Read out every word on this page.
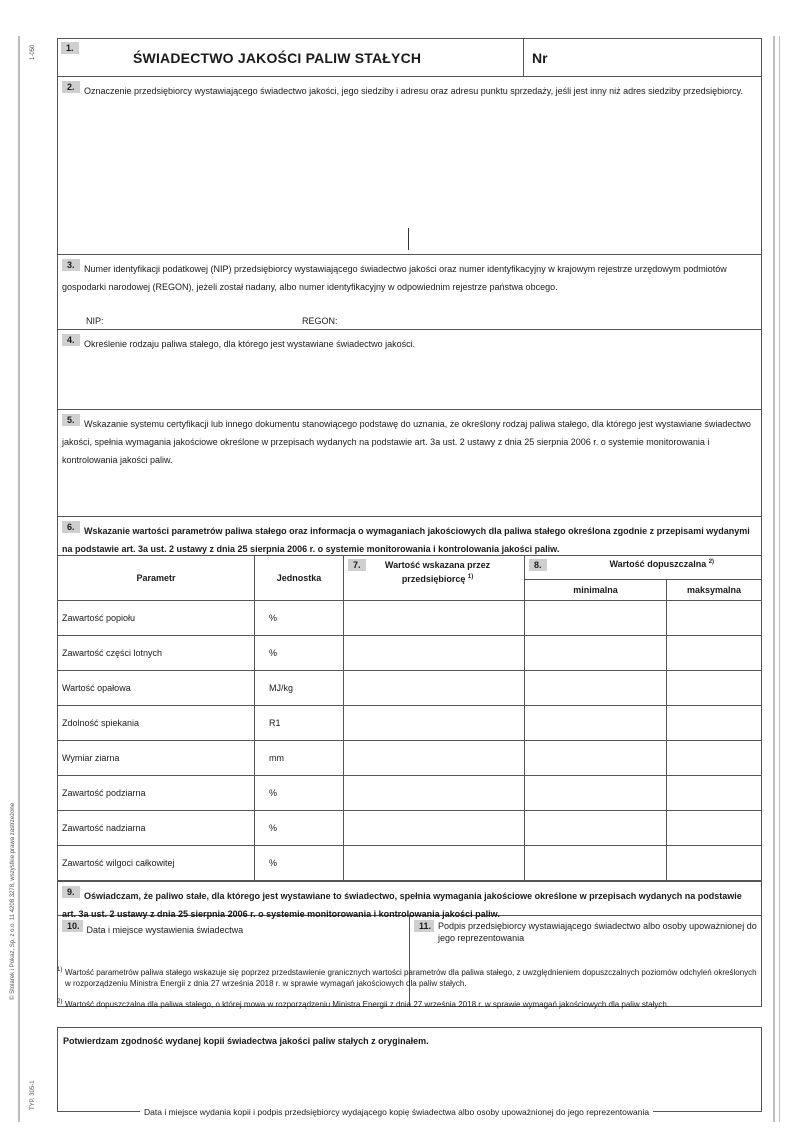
1-050
© Stolarek i Pokaz, Sp. z o.o. 11 4208 3278, wszystkie prawa zastrzeżone
TYP. 305-1
1.
ŚWIADECTWO JAKOŚCI PALIW STAŁYCH	Nr
2. Oznaczenie przedsiębiorcy wystawiającego świadectwo jakości, jego siedziby i adresu oraz adresu punktu sprzedaży, jeśli jest inny niż adres siedziby przedsiębiorcy.
3. Numer identyfikacji podatkowej (NIP) przedsiębiorcy wystawiającego świadectwo jakości oraz numer identyfikacyjny w krajowym rejestrze urzędowym podmiotów gospodarki narodowej (REGON), jeżeli został nadany, albo numer identyfikacyjny w odpowiednim rejestrze państwa obcego.
NIP:	REGON:
4. Określenie rodzaju paliwa stałego, dla którego jest wystawiane świadectwo jakości.
5. Wskazanie systemu certyfikacji lub innego dokumentu stanowiącego podstawę do uznania, że określony rodzaj paliwa stałego, dla którego jest wystawiane świadectwo jakości, spełnia wymagania jakościowe określone w przepisach wydanych na podstawie art. 3a ust. 2 ustawy z dnia 25 sierpnia 2006 r. o systemie monitorowania i kontrolowania jakości paliw.
6. Wskazanie wartości parametrów paliwa stałego oraz informacja o wymaganiach jakościowych dla paliwa stałego określona zgodnie z przepisami wydanymi na podstawie art. 3a ust. 2 ustawy z dnia 25 sierpnia 2006 r. o systemie monitorowania i kontrolowania jakości paliw.
Parametr	Jednostka	7. Wartość wskazana przez przedsiębiorcę $^{1)}$	8. Wartość dopuszczalna $^{2)}$
			minimalna	maksymalna
Zawartość popiołu	%			
Zawartość części lotnych	%			
Wartość opałowa	MJ/kg			
Zdolność spiekania	R1			
Wymiar ziarna	mm			
Zawartość podziarna	%			
Zawartość nadziarna	%			
Zawartość wilgoci całkowitej	%			
9. Oświadczam, że paliwo stałe, dla którego jest wystawiane to świadectwo, spełnia wymagania jakościowe określone w przepisach wydanych na podstawie art. 3a ust. 2 ustawy z dnia 25 sierpnia 2006 r. o systemie monitorowania i kontrolowania jakości paliw.
10. Data i miejsce wystawienia świadectwa	11. Podpis przedsiębiorcy wystawiającego świadectwo albo osoby upoważnionej do jego reprezentowania
1) Wartość parametrów paliwa stałego wskazuje się poprzez przedstawienie granicznych wartości parametrów dla paliwa stałego, z uwzględnieniem dopuszczalnych poziomów odchyleń określonych w rozporządzeniu Ministra Energii z dnia 27 września 2018 r. w sprawie wymagań jakościowych dla paliw stałych.
2) Wartość dopuszczalna dla paliwa stałego, o której mowa w rozporządzeniu Ministra Energii z dnia 27 września 2018 r. w sprawie wymagań jakościowych dla paliw stałych.
Potwierdzam zgodność wydanej kopii świadectwa jakości paliw stałych z oryginałem.
Data i miejsce wydania kopii i podpis przedsiębiorcy wydającego kopię świadectwa albo osoby upoważnionej do jego reprezentowania
